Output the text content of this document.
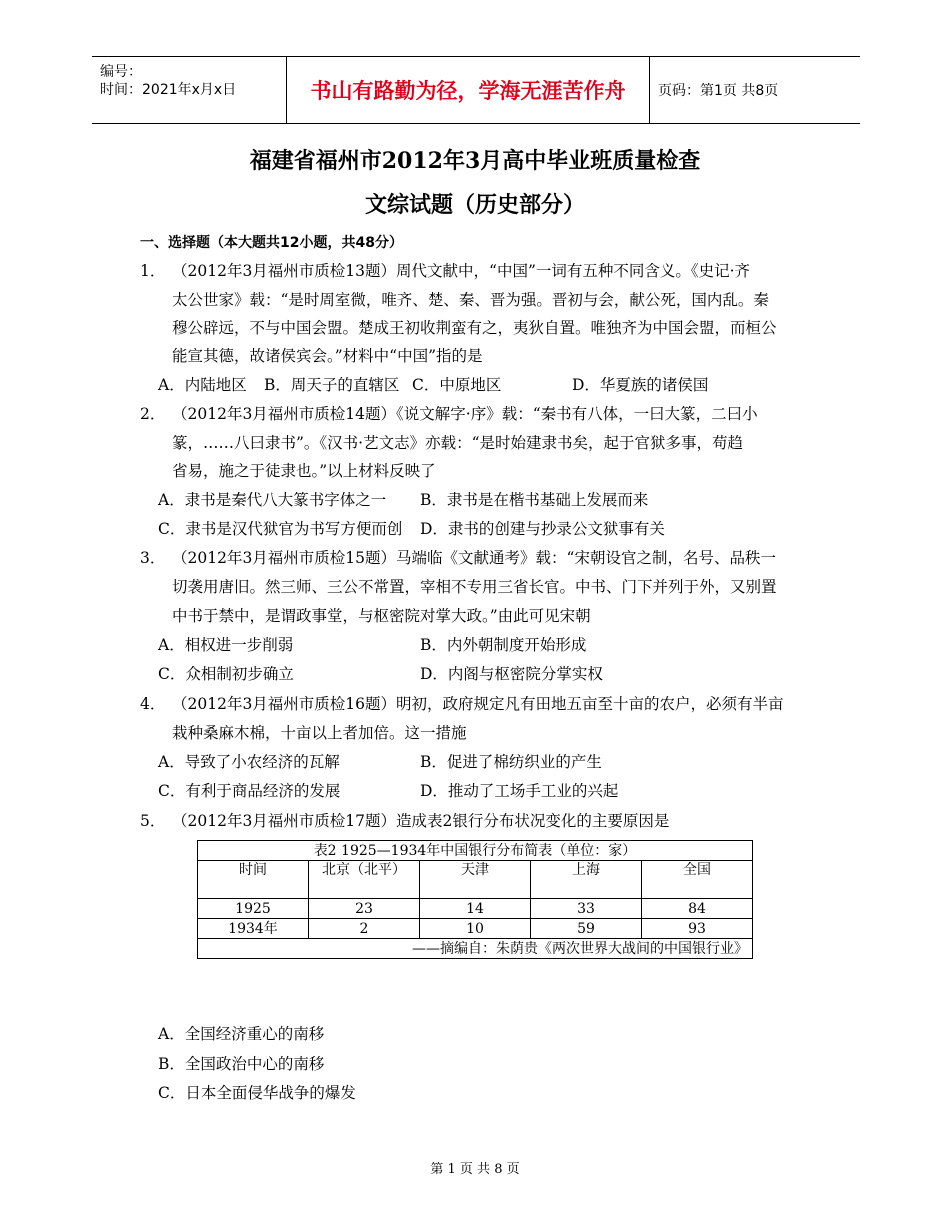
编号：
时间：2021年x月x日	书山有路勤为径，学海无涯苦作舟	页码：第1页 共8页
福建省福州市2012年3月高中毕业班质量检查
文综试题（历史部分）
一、选择题（本大题共12小题，共48分）
1． （2012年3月福州市质检13题）周代文献中，“中国”一词有五种不同含义。《史记·齐
太公世家》载：“是时周室微，唯齐、楚、秦、晋为强。晋初与会，献公死，国内乱。秦
穆公辟远，不与中国会盟。楚成王初收荆蛮有之，夷狄自置。唯独齐为中国会盟，而桓公
能宣其德，故诸侯宾会。”材料中“中国”指的是
A．内陆地区 B．周天子的直辖区 C．中原地区	D．华夏族的诸侯国
2． （2012年3月福州市质检14题）《说文解字·序》载：“秦书有八体，一曰大篆，二曰小
篆，……八曰隶书”。《汉书·艺文志》亦载：“是时始建隶书矣，起于官狱多事，苟趋
省易，施之于徒隶也。”以上材料反映了
A．隶书是秦代八大篆书字体之一 B．隶书是在楷书基础上发展而来
C．隶书是汉代狱官为书写方便而创 D．隶书的创建与抄录公文狱事有关
3． （2012年3月福州市质检15题）马端临《文献通考》载：“宋朝设官之制，名号、品秩一
切袭用唐旧。然三师、三公不常置，宰相不专用三省长官。中书、门下并列于外，又别置
中书于禁中，是谓政事堂，与枢密院对掌大政。”由此可见宋朝
A．相权进一步削弱	B．内外朝制度开始形成
C．众相制初步确立	D．内阁与枢密院分掌实权
4． （2012年3月福州市质检16题）明初，政府规定凡有田地五亩至十亩的农户，必须有半亩
栽种桑麻木棉，十亩以上者加倍。这一措施
A．导致了小农经济的瓦解	B．促进了棉纺织业的产生
C．有利于商品经济的发展	D．推动了工场手工业的兴起
5． （2012年3月福州市质检17题）造成表2银行分布状况变化的主要原因是
表2 1925—1934年中国银行分布简表（单位：家）				
时间	北京（北平）	天津	上海	全国
1925	23	14	33	84
1934年	2	10	59	93
——摘编自：朱荫贵《两次世界大战间的中国银行业》				
A．全国经济重心的南移
B．全国政治中心的南移
C．日本全面侵华战争的爆发
第 1 页 共 8 页
